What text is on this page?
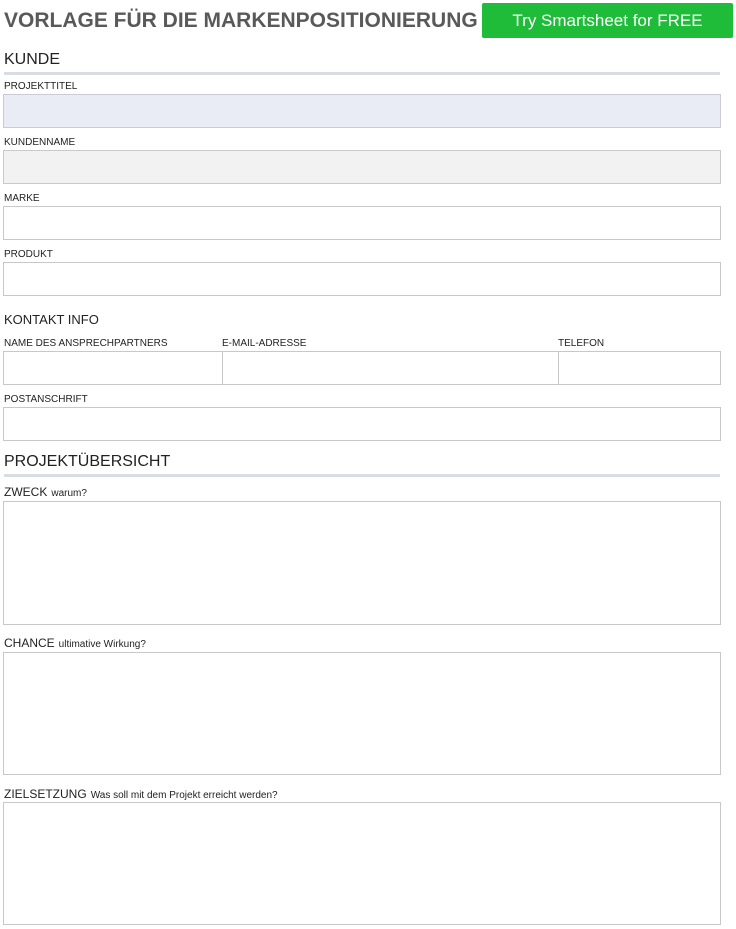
VORLAGE FÜR DIE MARKENPOSITIONIERUNG	Try Smartsheet for FREE
KUNDE
PROJEKTTITEL
KUNDENNAME
MARKE
PRODUKT
KONTAKT INFO
NAME DES ANSPRECHPARTNERS	E-MAIL-ADRESSE	TELEFON
POSTANSCHRIFT
PROJEKTÜBERSICHT
ZWECK warum?
CHANCE ultimative Wirkung?
ZIELSETZUNG Was soll mit dem Projekt erreicht werden?
